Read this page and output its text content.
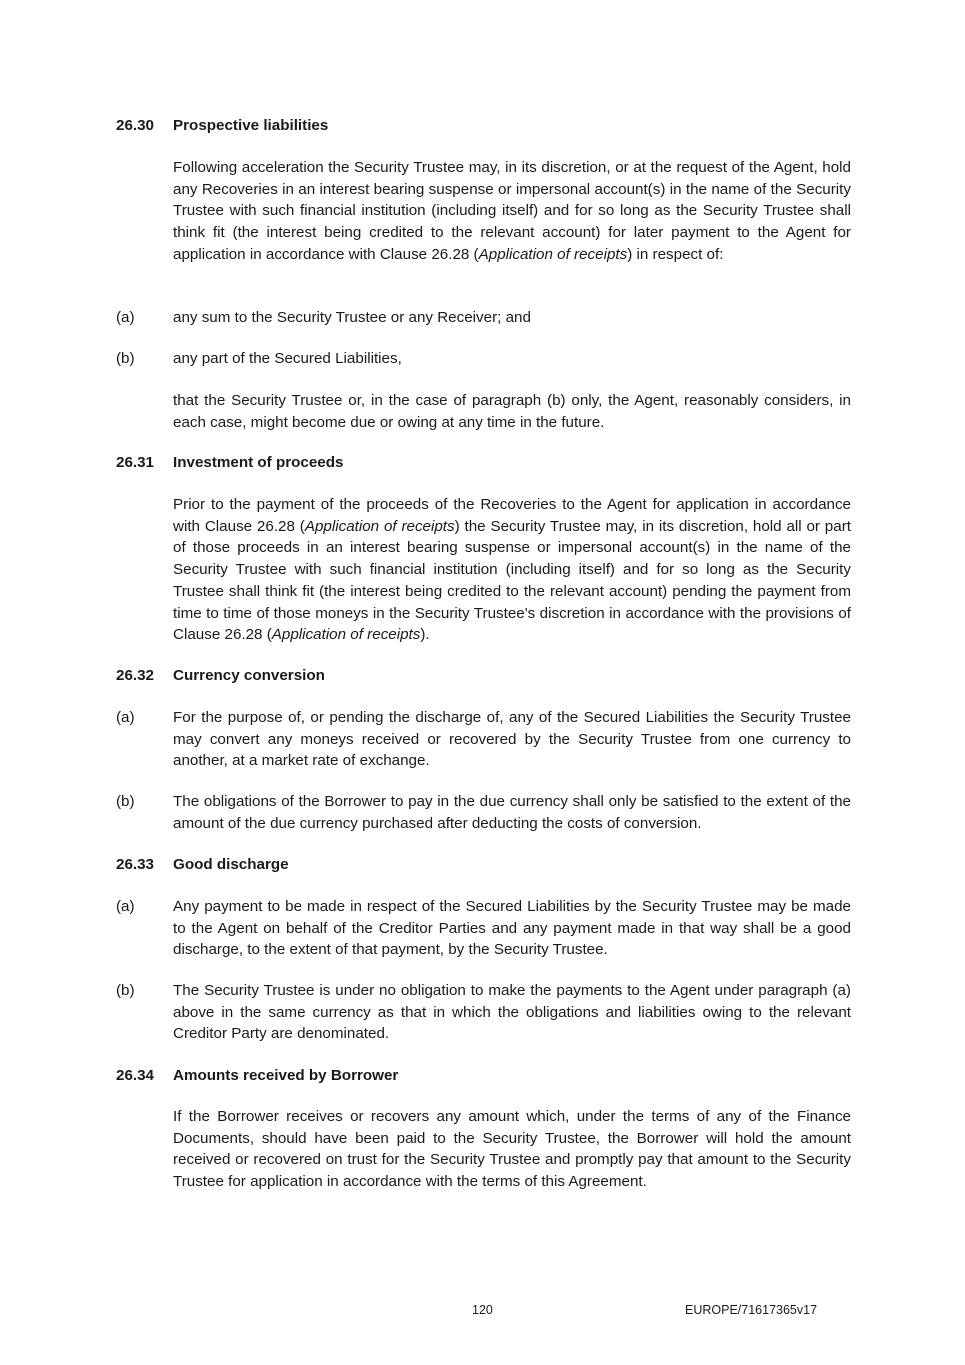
26.30 Prospective liabilities
Following acceleration the Security Trustee may, in its discretion, or at the request of the Agent, hold any Recoveries in an interest bearing suspense or impersonal account(s) in the name of the Security Trustee with such financial institution (including itself) and for so long as the Security Trustee shall think fit (the interest being credited to the relevant account) for later payment to the Agent for application in accordance with Clause 26.28 (Application of receipts) in respect of:
(a)	any sum to the Security Trustee or any Receiver; and
(b)	any part of the Secured Liabilities,
that the Security Trustee or, in the case of paragraph (b) only, the Agent, reasonably considers, in each case, might become due or owing at any time in the future.
26.31 Investment of proceeds
Prior to the payment of the proceeds of the Recoveries to the Agent for application in accordance with Clause 26.28 (Application of receipts) the Security Trustee may, in its discretion, hold all or part of those proceeds in an interest bearing suspense or impersonal account(s) in the name of the Security Trustee with such financial institution (including itself) and for so long as the Security Trustee shall think fit (the interest being credited to the relevant account) pending the payment from time to time of those moneys in the Security Trustee's discretion in accordance with the provisions of Clause 26.28 (Application of receipts).
26.32 Currency conversion
(a)	For the purpose of, or pending the discharge of, any of the Secured Liabilities the Security Trustee may convert any moneys received or recovered by the Security Trustee from one currency to another, at a market rate of exchange.
(b)	The obligations of the Borrower to pay in the due currency shall only be satisfied to the extent of the amount of the due currency purchased after deducting the costs of conversion.
26.33 Good discharge
(a)	Any payment to be made in respect of the Secured Liabilities by the Security Trustee may be made to the Agent on behalf of the Creditor Parties and any payment made in that way shall be a good discharge, to the extent of that payment, by the Security Trustee.
(b)	The Security Trustee is under no obligation to make the payments to the Agent under paragraph (a) above in the same currency as that in which the obligations and liabilities owing to the relevant Creditor Party are denominated.
26.34 Amounts received by Borrower
If the Borrower receives or recovers any amount which, under the terms of any of the Finance Documents, should have been paid to the Security Trustee, the Borrower will hold the amount received or recovered on trust for the Security Trustee and promptly pay that amount to the Security Trustee for application in accordance with the terms of this Agreement.
120	EUROPE/71617365v17
